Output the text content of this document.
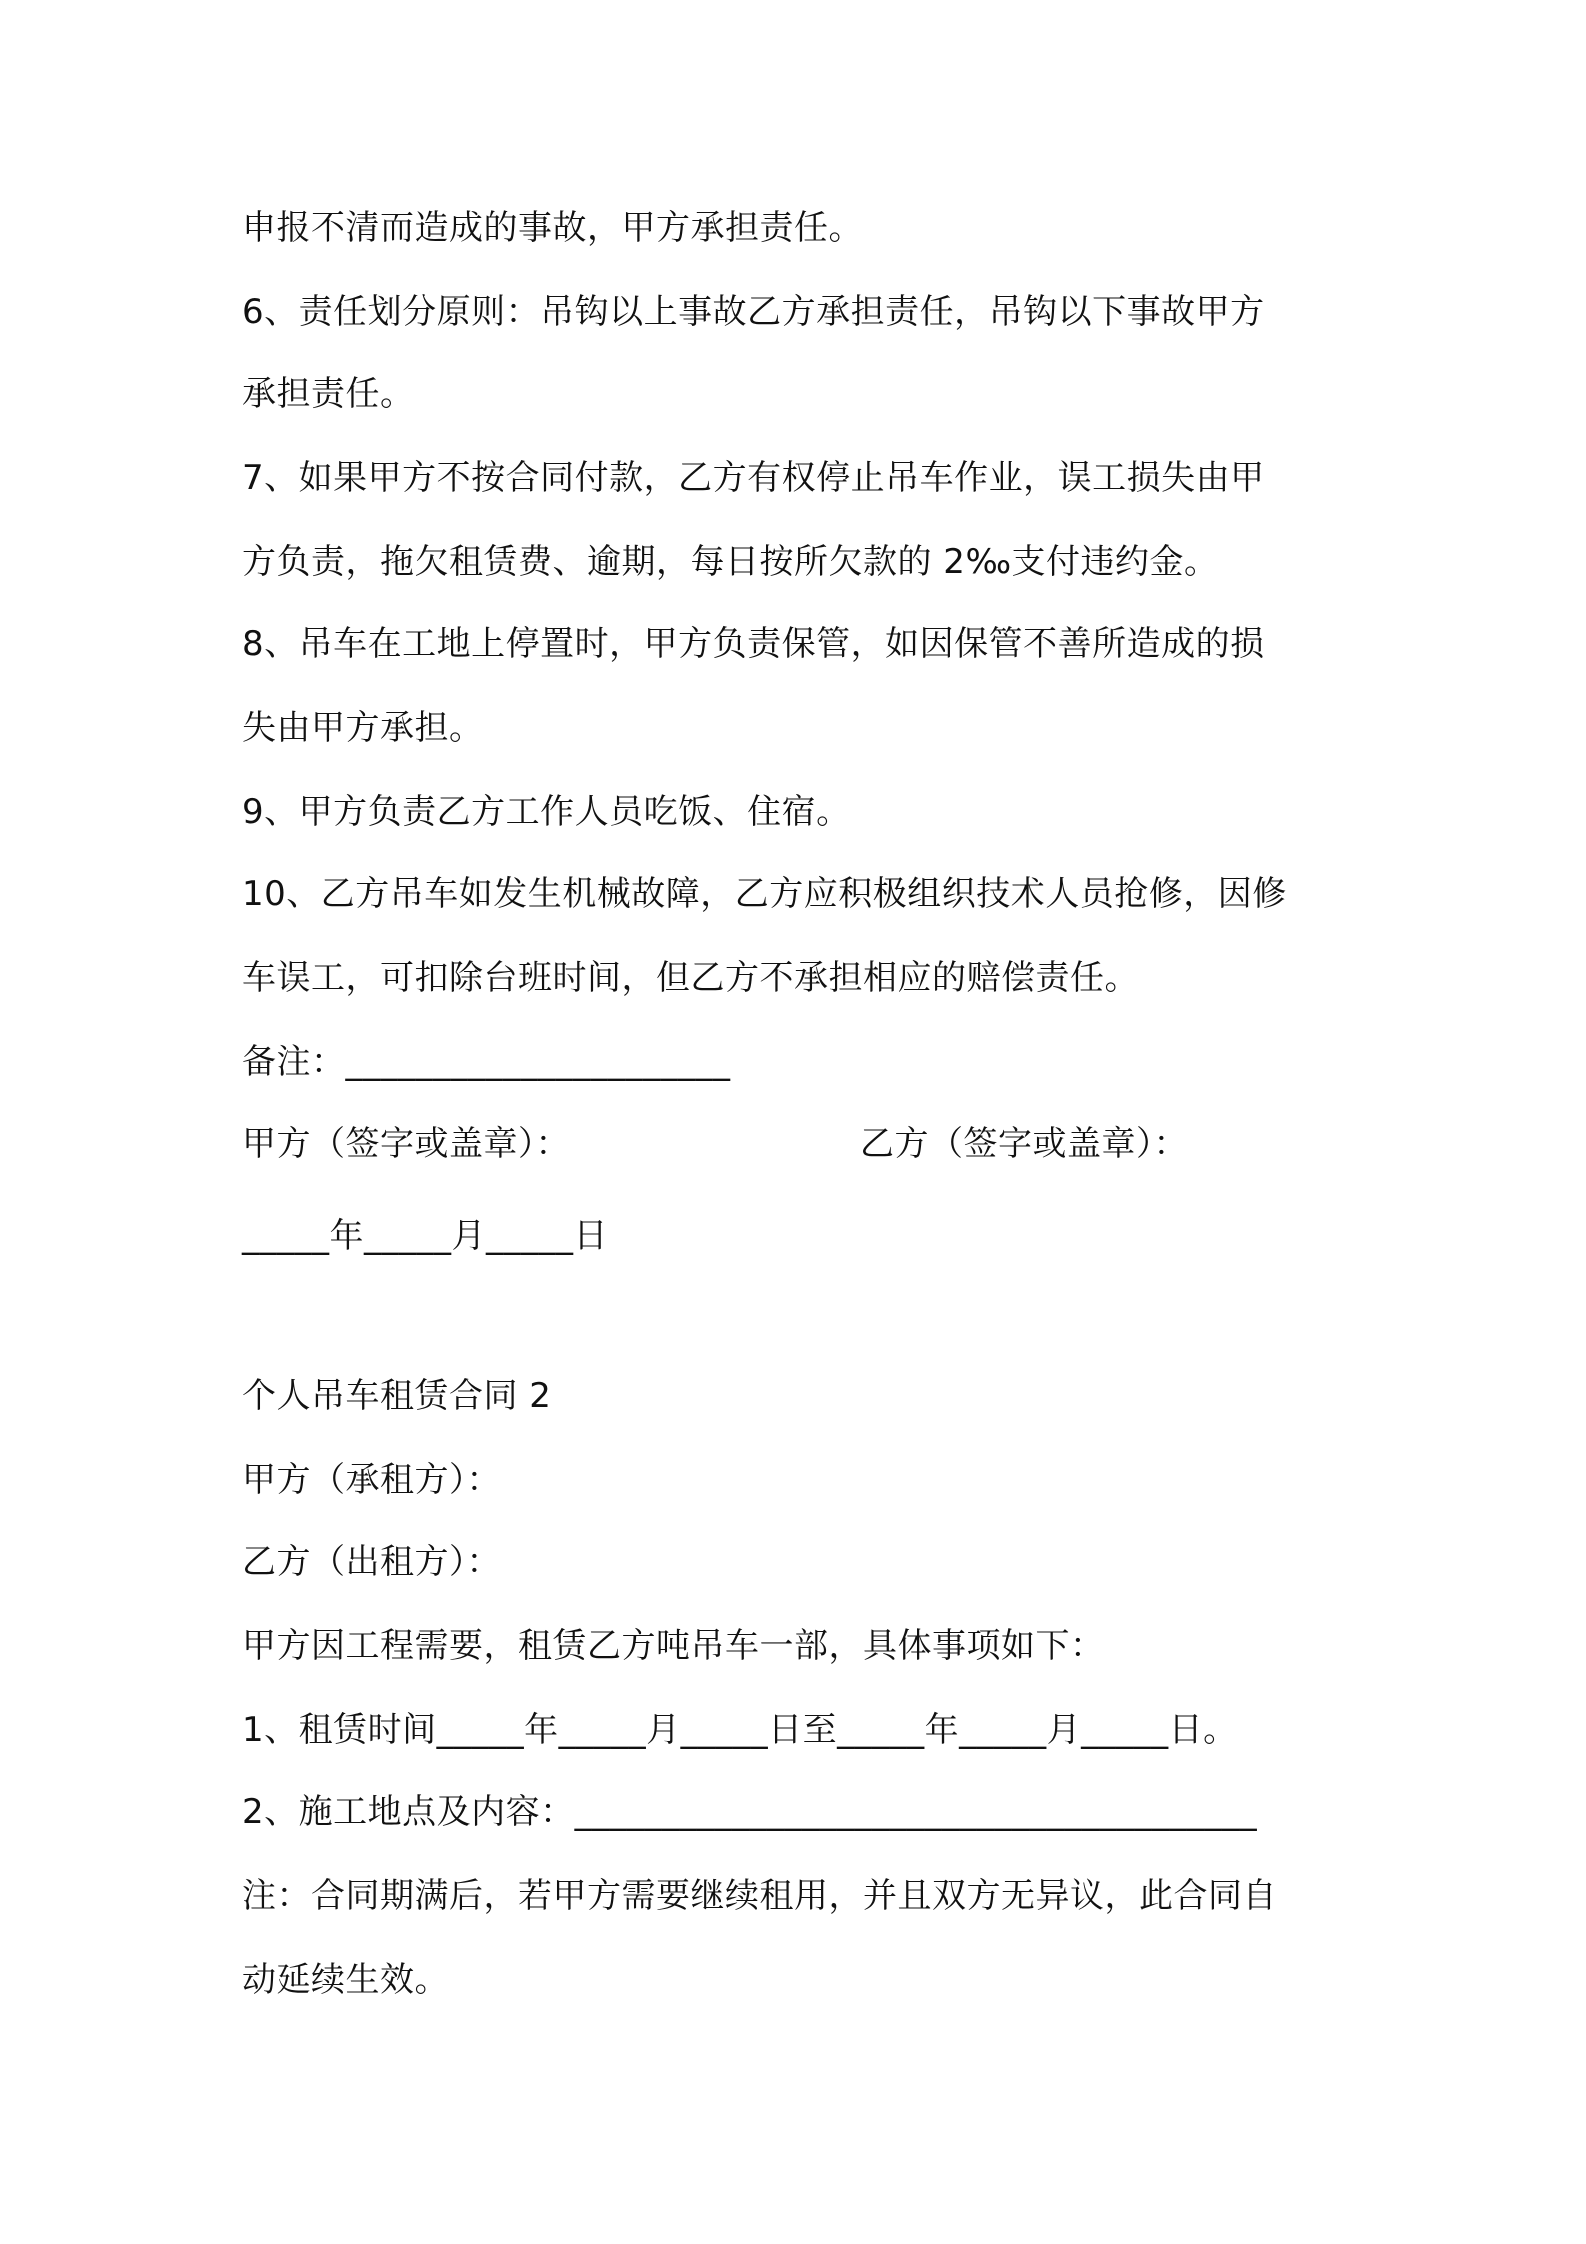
申报不清而造成的事故，甲方承担责任。
6、责任划分原则：吊钩以上事故乙方承担责任，吊钩以下事故甲方
承担责任。
7、如果甲方不按合同付款，乙方有权停止吊车作业，误工损失由甲
方负责，拖欠租赁费、逾期，每日按所欠款的 2‰支付违约金。
8、吊车在工地上停置时，甲方负责保管，如因保管不善所造成的损
失由甲方承担。
9、甲方负责乙方工作人员吃饭、住宿。
10、乙方吊车如发生机械故障，乙方应积极组织技术人员抢修，因修
车误工，可扣除台班时间，但乙方不承担相应的赔偿责任。
备注：______________________
甲方（签字或盖章）：	乙方（签字或盖章）：
_____年_____月_____日
个人吊车租赁合同 2
甲方（承租方）：
乙方（出租方）：
甲方因工程需要，租赁乙方吨吊车一部，具体事项如下：
1、租赁时间_____年_____月_____日至_____年_____月_____日。
2、施工地点及内容：_______________________________________
注：合同期满后，若甲方需要继续租用，并且双方无异议，此合同自
动延续生效。
